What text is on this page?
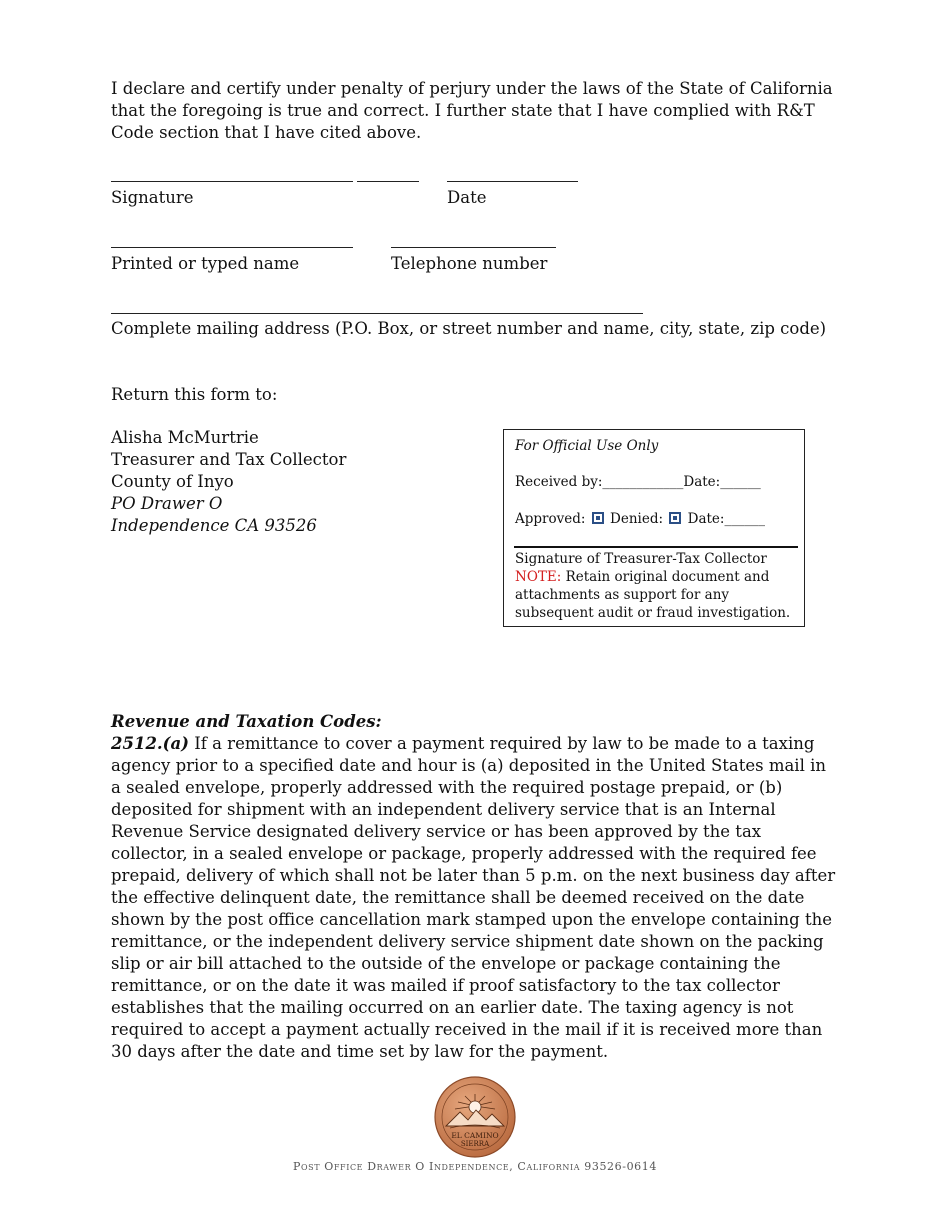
I declare and certify under penalty of perjury under the laws of the State of California that the foregoing is true and correct. I further state that I have complied with R&T Code section that I have cited above.
Signature	Date
Printed or typed name	Telephone number
Complete mailing address (P.O. Box, or street number and name, city, state, zip code)
Return this form to:
Alisha McMurtrie
Treasurer and Tax Collector
County of Inyo
PO Drawer O
Independence CA 93526
For Official Use Only
Received by:____________Date:______
Approved: Denied: Date:______
Signature of Treasurer-Tax Collector
NOTE: Retain original document and
attachments as support for any
subsequent audit or fraud investigation.
Revenue and Taxation Codes:
2512.(a) If a remittance to cover a payment required by law to be made to a taxing agency prior to a specified date and hour is (a) deposited in the United States mail in a sealed envelope, properly addressed with the required postage prepaid, or (b) deposited for shipment with an independent delivery service that is an Internal Revenue Service designated delivery service or has been approved by the tax collector, in a sealed envelope or package, properly addressed with the required fee prepaid, delivery of which shall not be later than 5 p.m. on the next business day after the effective delinquent date, the remittance shall be deemed received on the date shown by the post office cancellation mark stamped upon the envelope containing the remittance, or the independent delivery service shipment date shown on the packing slip or air bill attached to the outside of the envelope or package containing the remittance, or on the date it was mailed if proof satisfactory to the tax collector establishes that the mailing occurred on an earlier date. The taxing agency is not required to accept a payment actually received in the mail if it is received more than 30 days after the date and time set by law for the payment.
EL CAMINO
SIERRA
Post Office Drawer O Independence, California 93526-0614
